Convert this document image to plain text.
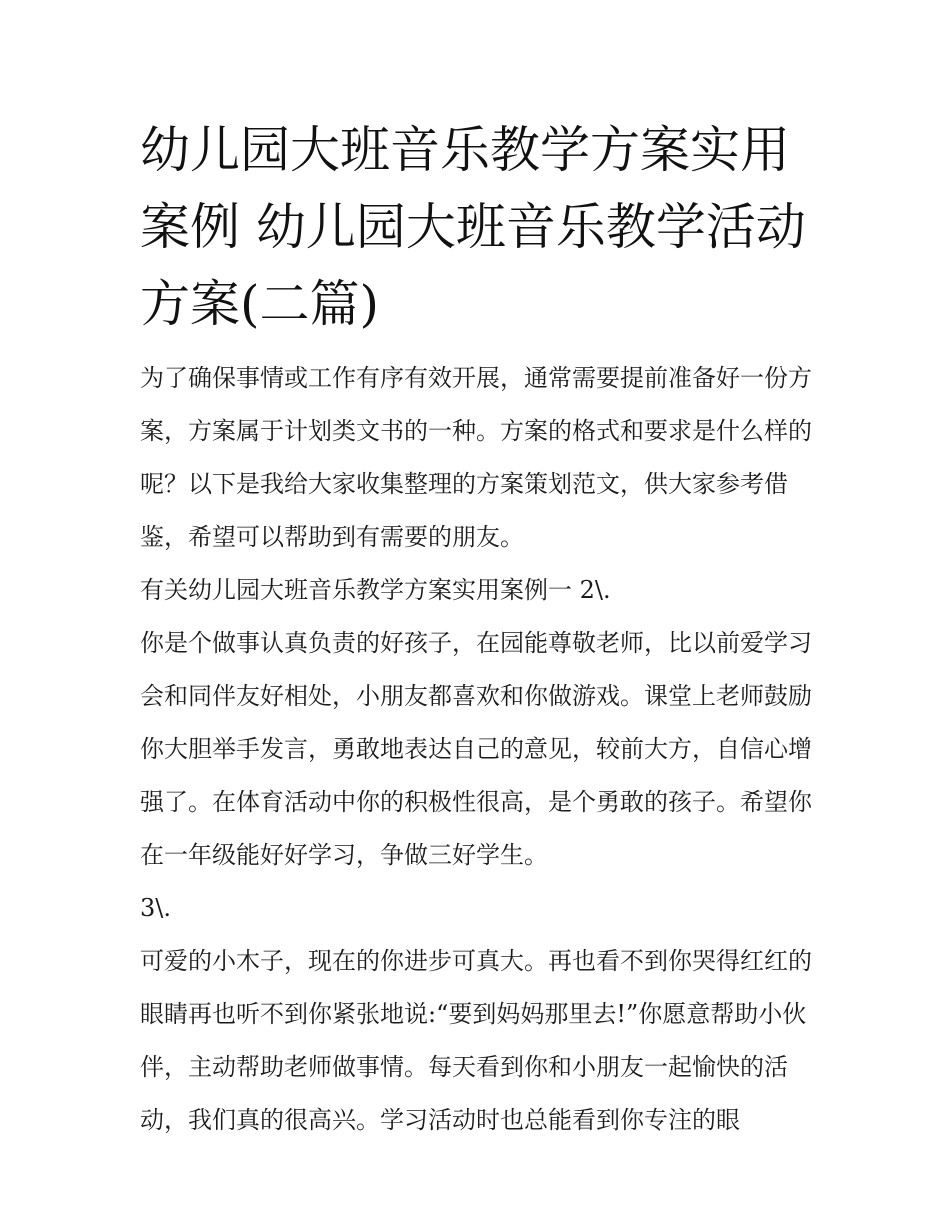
幼儿园大班音乐教学方案实用案例 幼儿园大班音乐教学活动方案(二篇)

为了确保事情或工作有序有效开展，通常需要提前准备好一份方案，方案属于计划类文书的一种。方案的格式和要求是什么样的呢？以下是我给大家收集整理的方案策划范文，供大家参考借鉴，希望可以帮助到有需要的朋友。

有关幼儿园大班音乐教学方案实用案例一 2\.

你是个做事认真负责的好孩子，在园能尊敬老师，比以前爱学习会和同伴友好相处，小朋友都喜欢和你做游戏。课堂上老师鼓励你大胆举手发言，勇敢地表达自己的意见，较前大方，自信心增强了。在体育活动中你的积极性很高，是个勇敢的孩子。希望你在一年级能好好学习，争做三好学生。

3\.

可爱的小木子，现在的你进步可真大。再也看不到你哭得红红的眼睛再也听不到你紧张地说:“要到妈妈那里去!”你愿意帮助小伙伴，主动帮助老师做事情。每天看到你和小朋友一起愉快的活动，我们真的很高兴。学习活动时也总能看到你专注的眼
